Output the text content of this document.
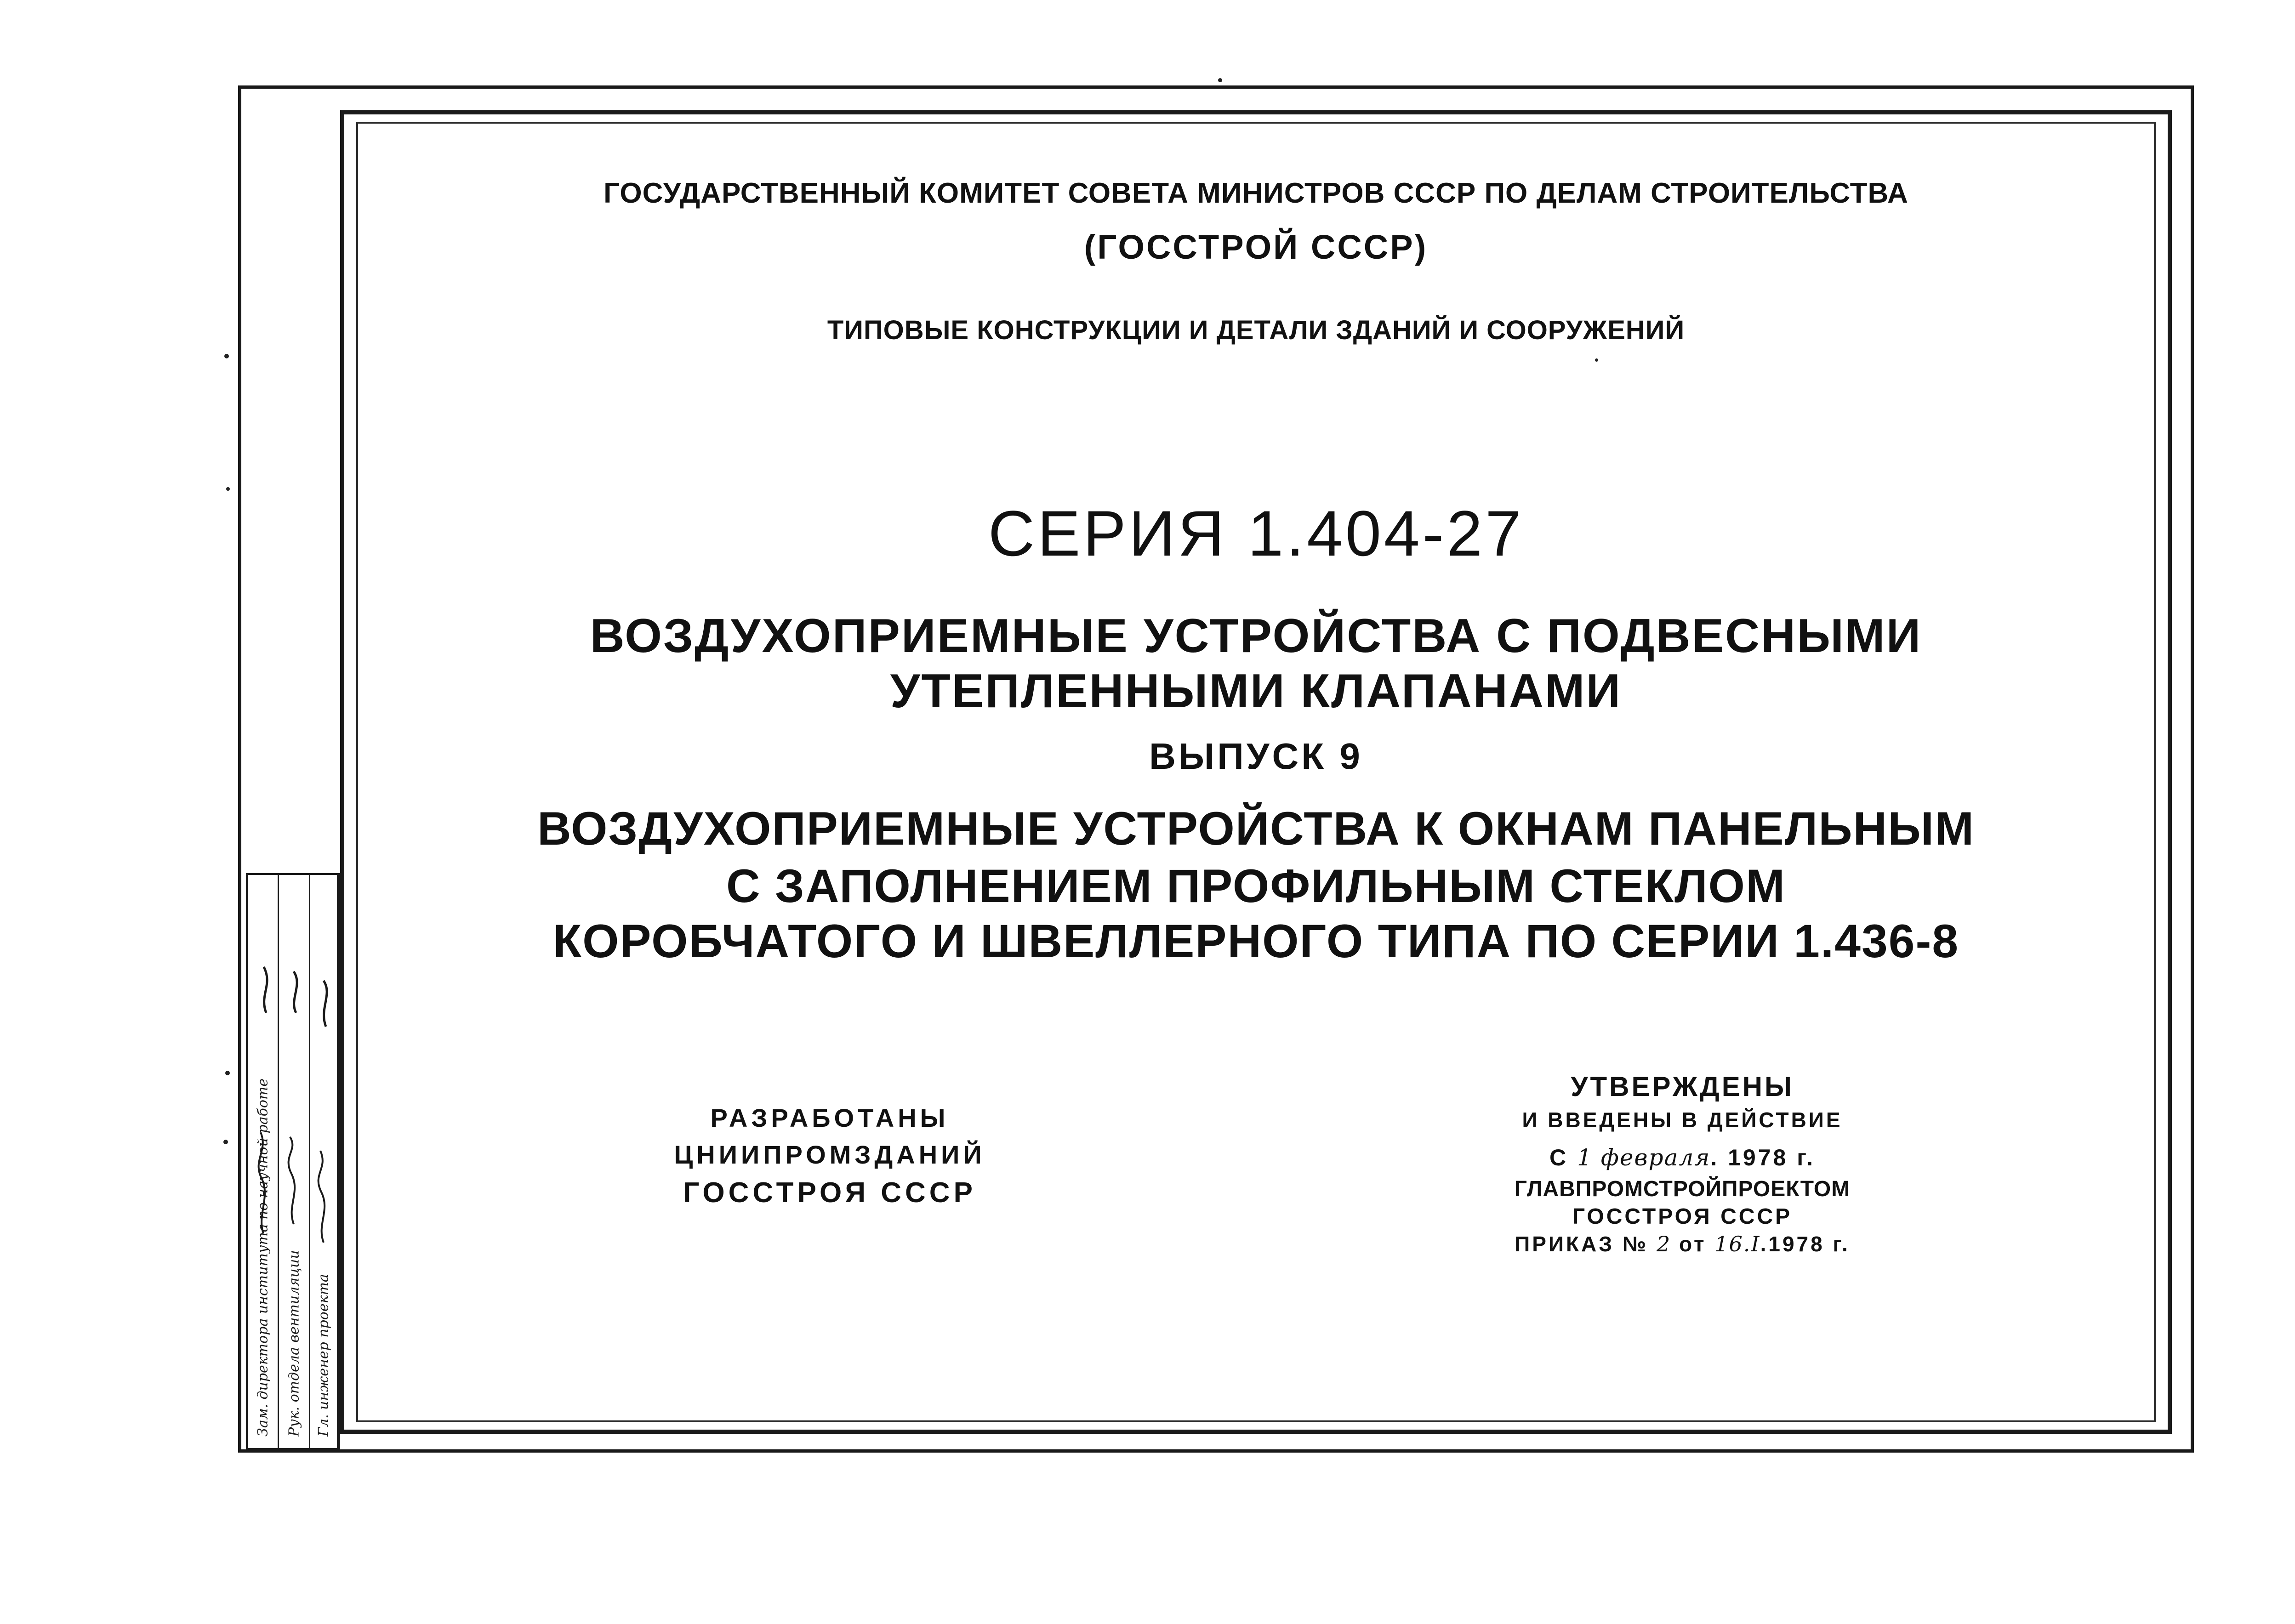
ГОСУДАРСТВЕННЫЙ КОМИТЕТ СОВЕТА МИНИСТРОВ СССР ПО ДЕЛАМ СТРОИТЕЛЬСТВА
(ГОССТРОЙ СССР)
ТИПОВЫЕ КОНСТРУКЦИИ И ДЕТАЛИ ЗДАНИЙ И СООРУЖЕНИЙ
СЕРИЯ 1.404-27
ВОЗДУХОПРИЕМНЫЕ УСТРОЙСТВА С ПОДВЕСНЫМИ
УТЕПЛЕННЫМИ КЛАПАНАМИ
ВЫПУСК 9
ВОЗДУХОПРИЕМНЫЕ УСТРОЙСТВА К ОКНАМ ПАНЕЛЬНЫМ
С ЗАПОЛНЕНИЕМ ПРОФИЛЬНЫМ СТЕКЛОМ
КОРОБЧАТОГО И ШВЕЛЛЕРНОГО ТИПА ПО СЕРИИ 1.436-8
РАЗРАБОТАНЫ
ЦНИИПРОМЗДАНИЙ
ГОССТРОЯ СССР
УТВЕРЖДЕНЫ
И ВВЕДЕНЫ В ДЕЙСТВИЕ
С 1 февраля. 1978 г.
ГЛАВПРОМСТРОЙПРОЕКТОМ
ГОССТРОЯ СССР
ПРИКАЗ № 2 от 16.I.1978 г.
Зам. директора института по научной работе Рук. отдела вентиляции Гл. инженер проекта
